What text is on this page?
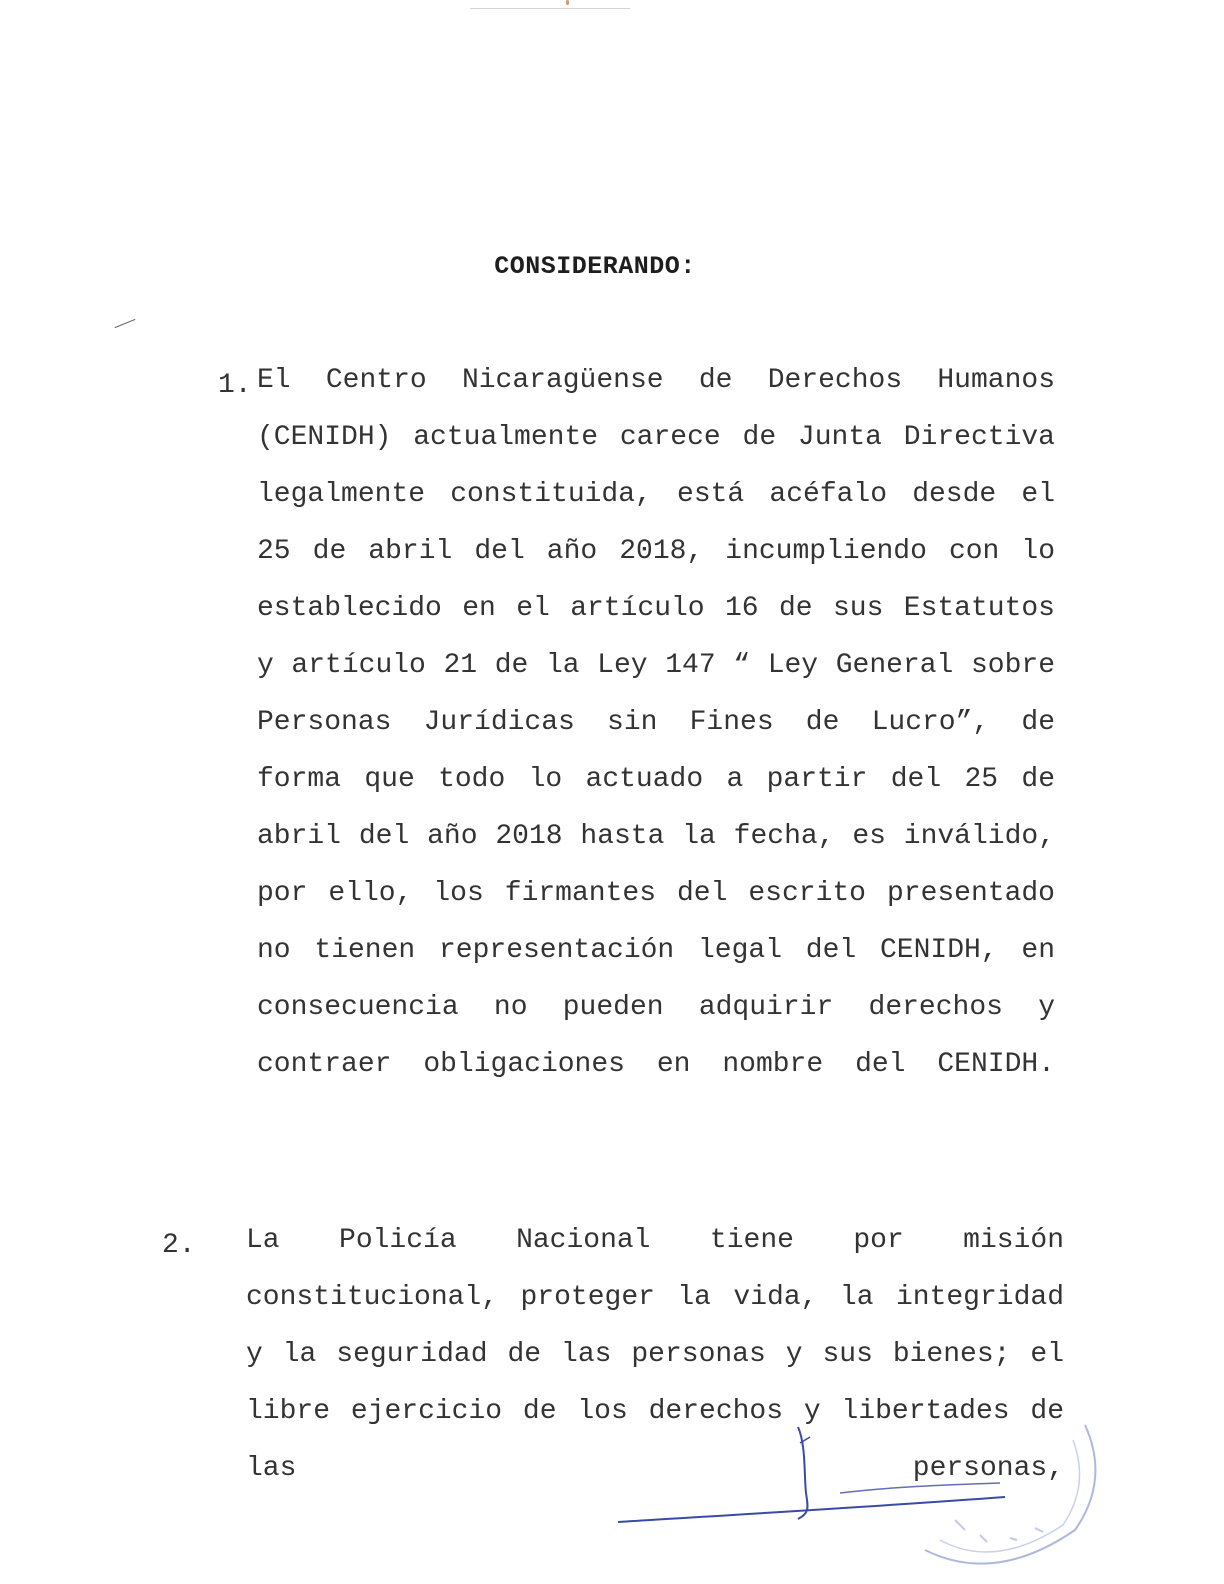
CONSIDERANDO:
1. El Centro Nicaragüense de Derechos Humanos (CENIDH) actualmente carece de Junta Directiva legalmente constituida, está acéfalo desde el 25 de abril del año 2018, incumpliendo con lo establecido en el artículo 16 de sus Estatutos y artículo 21 de la Ley 147 “ Ley General sobre Personas Jurídicas sin Fines de Lucro”, de forma que todo lo actuado a partir del 25 de abril del año 2018 hasta la fecha, es inválido, por ello, los firmantes del escrito presentado no tienen representación legal del CENIDH, en consecuencia no pueden adquirir derechos y contraer obligaciones en nombre del CENIDH.
2. La Policía Nacional tiene por misión constitucional, proteger la vida, la integridad y la seguridad de las personas y sus bienes; el libre ejercicio de los derechos y libertades de las personas,
